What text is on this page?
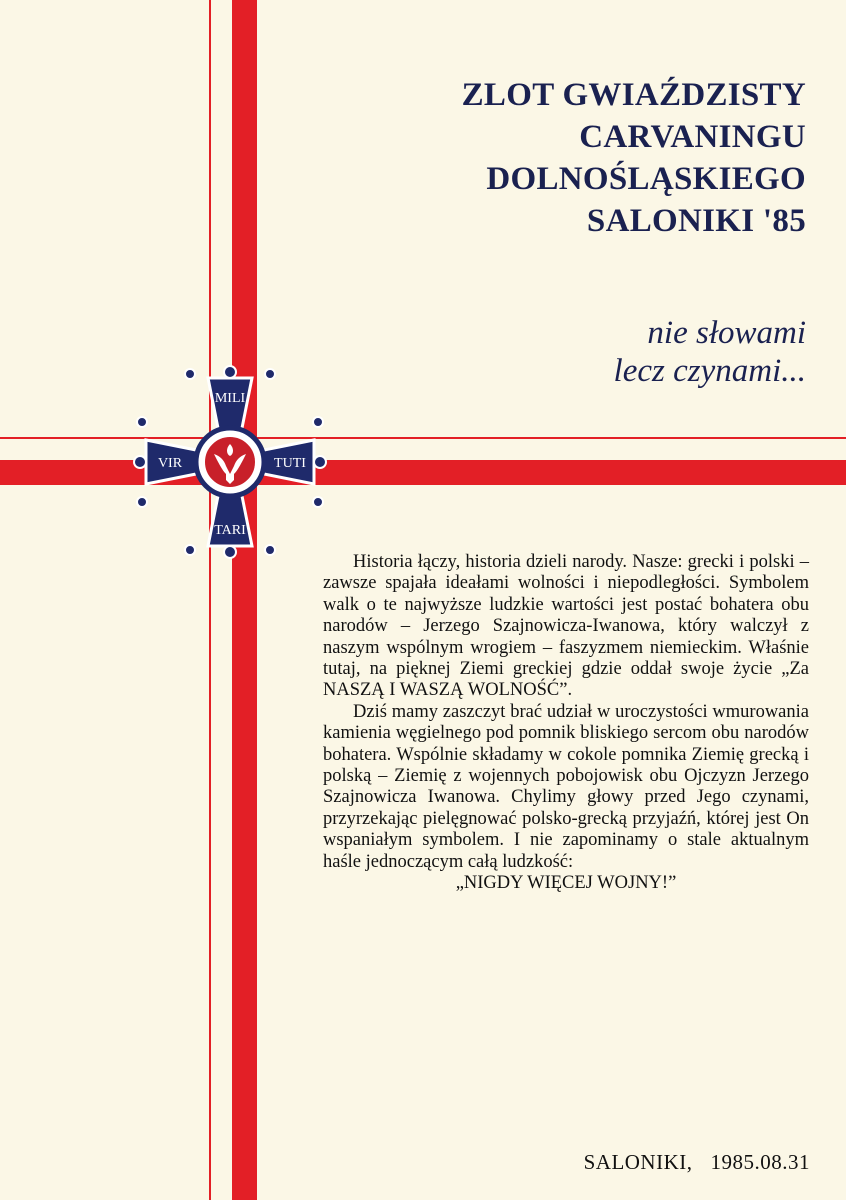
ZLOT GWIAŹDZISTY
CARVANINGU
DOLNOŚLĄSKIEGO
SALONIKI '85
nie słowami
lecz czynami...
MILI
TARI
VIR	TUTI

Historia łączy, historia dzieli narody. Nasze: grecki i polski – zawsze spajała ideałami wolności i niepodległości. Symbolem walk o te najwyższe ludzkie wartości jest postać bohatera obu narodów – Jerzego Szajnowicza-Iwanowa, który walczył z naszym wspólnym wrogiem – faszyzmem niemieckim. Właśnie tutaj, na pięknej Ziemi greckiej gdzie oddał swoje życie „Za NASZĄ I WASZĄ WOLNOŚĆ”.

Dziś mamy zaszczyt brać udział w uroczystości wmurowania kamienia węgielnego pod pomnik bliskiego sercom obu narodów bohatera. Wspólnie składamy w cokole pomnika Ziemię grecką i polską – Ziemię z wojennych pobojowisk obu Ojczyzn Jerzego Szajnowicza Iwanowa. Chylimy głowy przed Jego czynami, przyrzekając pielęgnować polsko-grecką przyjaźń, której jest On wspaniałym symbolem. I nie zapominamy o stale aktualnym haśle jednoczącym całą ludzkość:

„NIGDY WIĘCEJ WOJNY!”
SALONIKI, 1985.08.31
